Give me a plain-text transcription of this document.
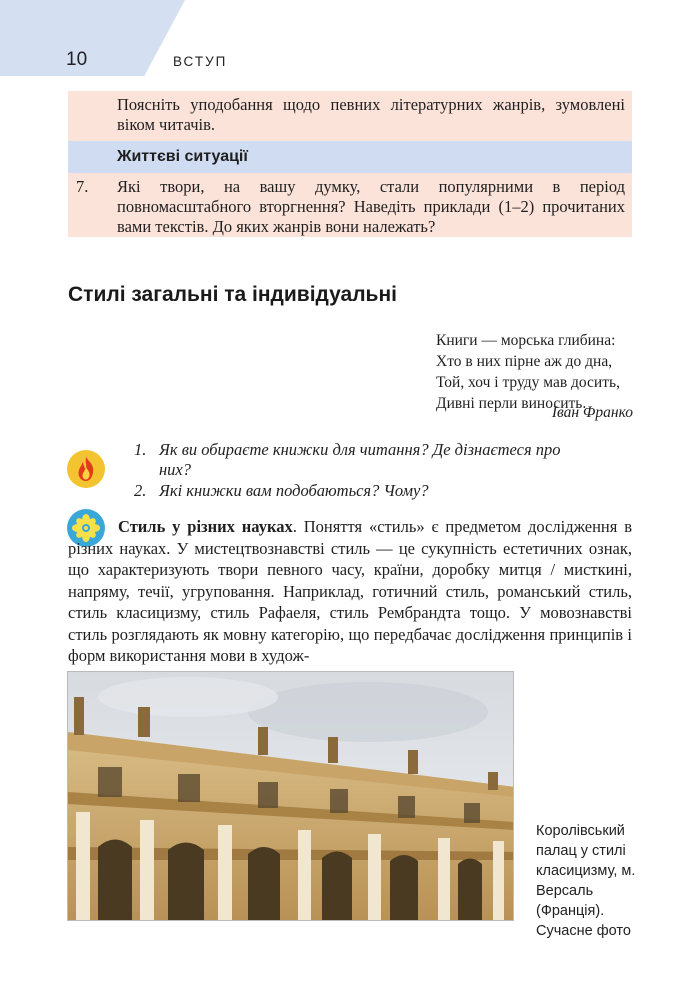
10	ВСТУП
Поясніть уподобання щодо певних літературних жанрів, зумовлені віком читачів.
Життєві ситуації
7. Які твори, на вашу думку, стали популярними в період повномасштабного вторгнення? Наведіть приклади (1–2) прочитаних вами текстів. До яких жанрів вони належать?
Стилі загальні та індивідуальні
Книги — морська глибина:
Хто в них пірне аж до дна,
Той, хоч і труду мав досить,
Дивні перли виносить.
Іван Франко
1. Як ви обираєте книжки для читання? Де дізнаєтеся про
них?
2. Які книжки вам подобаються? Чому?
Стиль у різних науках. Поняття «стиль» є предметом дослідження в різних науках. У мистецтвознавстві стиль — це сукупність естетичних ознак, що характеризують твори певного часу, країни, доробку митця / мисткині, напряму, течії, угруповання. Наприклад, готичний стиль, романський стиль, стиль класицизму, стиль Рафаеля, стиль Рембрандта тощо. У мовознавстві стиль розглядають як мовну категорію, що передбачає дослідження принципів і форм використання мови в худож-
Королівський палац у стилі класицизму, м. Версаль (Франція). Сучасне фото
